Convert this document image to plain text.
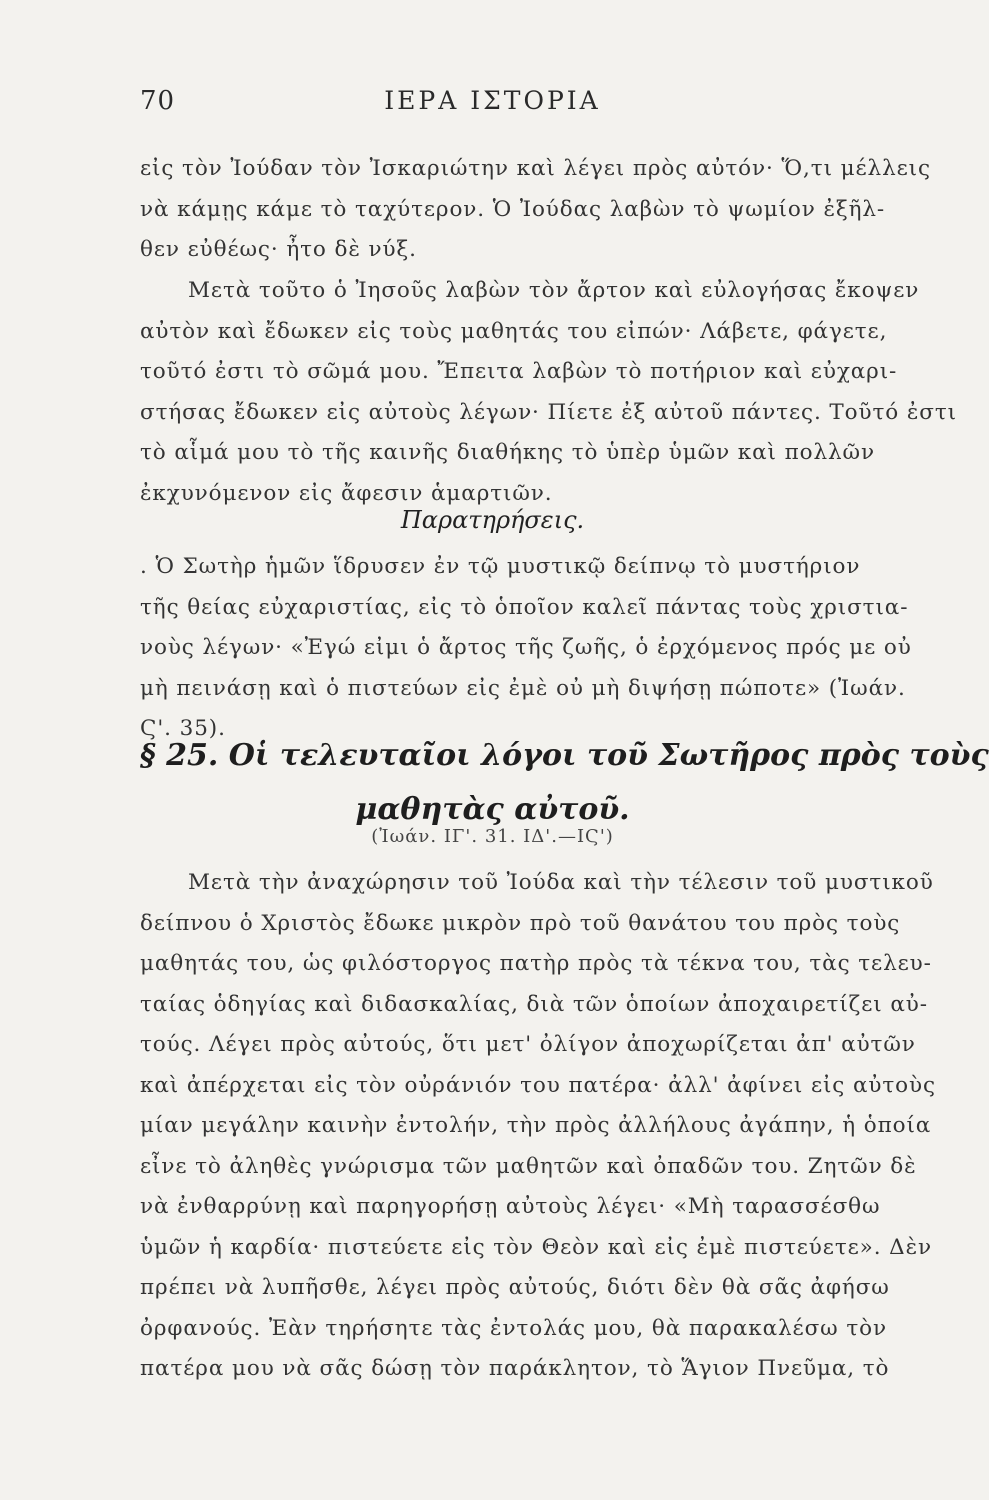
70	ΙΕΡΑ ΙΣΤΟΡΙΑ
εἰς τὸν Ἰούδαν τὸν Ἰσκαριώτην καὶ λέγει πρὸς αὐτόν· Ὅ,τι μέλλεις
νὰ κάμῃς κάμε τὸ ταχύτερον. Ὁ Ἰούδας λαβὼν τὸ ψωμίον ἐξῆλ-
θεν εὐθέως· ἦτο δὲ νύξ.
Μετὰ τοῦτο ὁ Ἰησοῦς λαβὼν τὸν ἄρτον καὶ εὐλογήσας ἔκοψεν
αὐτὸν καὶ ἔδωκεν εἰς τοὺς μαθητάς του εἰπών· Λάβετε, φάγετε,
τοῦτό ἐστι τὸ σῶμά μου. Ἔπειτα λαβὼν τὸ ποτήριον καὶ εὐχαρι-
στήσας ἔδωκεν εἰς αὐτοὺς λέγων· Πίετε ἐξ αὐτοῦ πάντες. Τοῦτό ἐστι
τὸ αἷμά μου τὸ τῆς καινῆς διαθήκης τὸ ὑπὲρ ὑμῶν καὶ πολλῶν
ἐκχυνόμενον εἰς ἄφεσιν ἁμαρτιῶν.
Παρατηρήσεις.
. Ὁ Σωτὴρ ἡμῶν ἵδρυσεν ἐν τῷ μυστικῷ δείπνῳ τὸ μυστήριον
τῆς θείας εὐχαριστίας, εἰς τὸ ὁποῖον καλεῖ πάντας τοὺς χριστια-
νοὺς λέγων· «Ἐγώ εἰμι ὁ ἄρτος τῆς ζωῆς, ὁ ἐρχόμενος πρός με οὐ
μὴ πεινάσῃ καὶ ὁ πιστεύων εἰς ἐμὲ οὐ μὴ διψήσῃ πώποτε» (Ἰωάν.
Ϛ'. 35).
§ 25. Οἱ τελευταῖοι λόγοι τοῦ Σωτῆρος πρὸς τοὺς
μαθητὰς αὐτοῦ.
(Ἰωάν. ΙΓ'. 31. ΙΔ'.—ΙϚ')
Μετὰ τὴν ἀναχώρησιν τοῦ Ἰούδα καὶ τὴν τέλεσιν τοῦ μυστικοῦ
δείπνου ὁ Χριστὸς ἔδωκε μικρὸν πρὸ τοῦ θανάτου του πρὸς τοὺς
μαθητάς του, ὡς φιλόστοργος πατὴρ πρὸς τὰ τέκνα του, τὰς τελευ-
ταίας ὁδηγίας καὶ διδασκαλίας, διὰ τῶν ὁποίων ἀποχαιρετίζει αὐ-
τούς. Λέγει πρὸς αὐτούς, ὅτι μετ' ὀλίγον ἀποχωρίζεται ἀπ' αὐτῶν
καὶ ἀπέρχεται εἰς τὸν οὐράνιόν του πατέρα· ἀλλ' ἀφίνει εἰς αὐτοὺς
μίαν μεγάλην καινὴν ἐντολήν, τὴν πρὸς ἀλλήλους ἀγάπην, ἡ ὁποία
εἶνε τὸ ἀληθὲς γνώρισμα τῶν μαθητῶν καὶ ὀπαδῶν του. Ζητῶν δὲ
νὰ ἐνθαρρύνῃ καὶ παρηγορήσῃ αὐτοὺς λέγει· «Μὴ ταρασσέσθω
ὑμῶν ἡ καρδία· πιστεύετε εἰς τὸν Θεὸν καὶ εἰς ἐμὲ πιστεύετε». Δὲν
πρέπει νὰ λυπῆσθε, λέγει πρὸς αὐτούς, διότι δὲν θὰ σᾶς ἀφήσω
ὀρφανούς. Ἐὰν τηρήσητε τὰς ἐντολάς μου, θὰ παρακαλέσω τὸν
πατέρα μου νὰ σᾶς δώσῃ τὸν παράκλητον, τὸ Ἅγιον Πνεῦμα, τὸ
